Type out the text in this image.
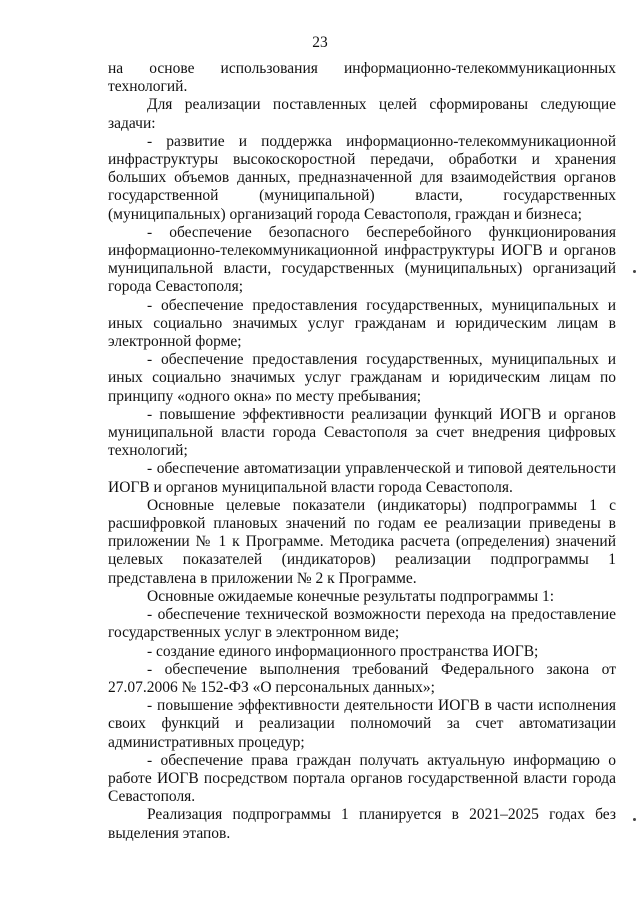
23

на основе использования информационно-телекоммуникационных технологий.

Для реализации поставленных целей сформированы следующие задачи:

- развитие и поддержка информационно-телекоммуникационной инфраструктуры высокоскоростной передачи, обработки и хранения больших объемов данных, предназначенной для взаимодействия органов государственной (муниципальной) власти, государственных (муниципальных) организаций города Севастополя, граждан и бизнеса;

- обеспечение безопасного бесперебойного функционирования информационно-телекоммуникационной инфраструктуры ИОГВ и органов муниципальной власти, государственных (муниципальных) организаций города Севастополя;

- обеспечение предоставления государственных, муниципальных и иных социально значимых услуг гражданам и юридическим лицам в электронной форме;

- обеспечение предоставления государственных, муниципальных и иных социально значимых услуг гражданам и юридическим лицам по принципу «одного окна» по месту пребывания;

- повышение эффективности реализации функций ИОГВ и органов муниципальной власти города Севастополя за счет внедрения цифровых технологий;

- обеспечение автоматизации управленческой и типовой деятельности ИОГВ и органов муниципальной власти города Севастополя.

Основные целевые показатели (индикаторы) подпрограммы 1 с расшифровкой плановых значений по годам ее реализации приведены в приложении № 1 к Программе. Методика расчета (определения) значений целевых показателей (индикаторов) реализации подпрограммы 1 представлена в приложении № 2 к Программе.

Основные ожидаемые конечные результаты подпрограммы 1:

- обеспечение технической возможности перехода на предоставление государственных услуг в электронном виде;

- создание единого информационного пространства ИОГВ;

- обеспечение выполнения требований Федерального закона от 27.07.2006 № 152-ФЗ «О персональных данных»;

- повышение эффективности деятельности ИОГВ в части исполнения своих функций и реализации полномочий за счет автоматизации административных процедур;

- обеспечение права граждан получать актуальную информацию о работе ИОГВ посредством портала органов государственной власти города Севастополя.

Реализация подпрограммы 1 планируется в 2021–2025 годах без выделения этапов.
